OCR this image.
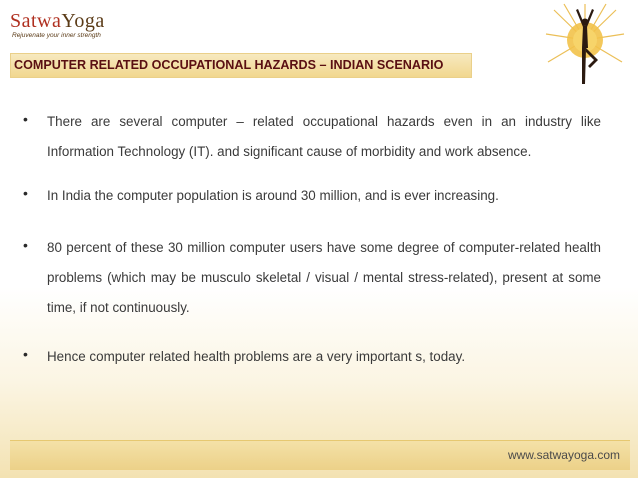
SatwaYoga
Rejuvenate your inner strength
COMPUTER RELATED OCCUPATIONAL HAZARDS – INDIAN SCENARIO
• There are several computer – related occupational hazards even in an industry like Information Technology (IT). and significant cause of morbidity and work absence.
• In India the computer population is around 30 million, and is ever increasing.
• 80 percent of these 30 million computer users have some degree of computer-related health problems (which may be musculo skeletal / visual / mental stress-related), present at some time, if not continuously.
• Hence computer related health problems are a very important s, today.
www.satwayoga.com
